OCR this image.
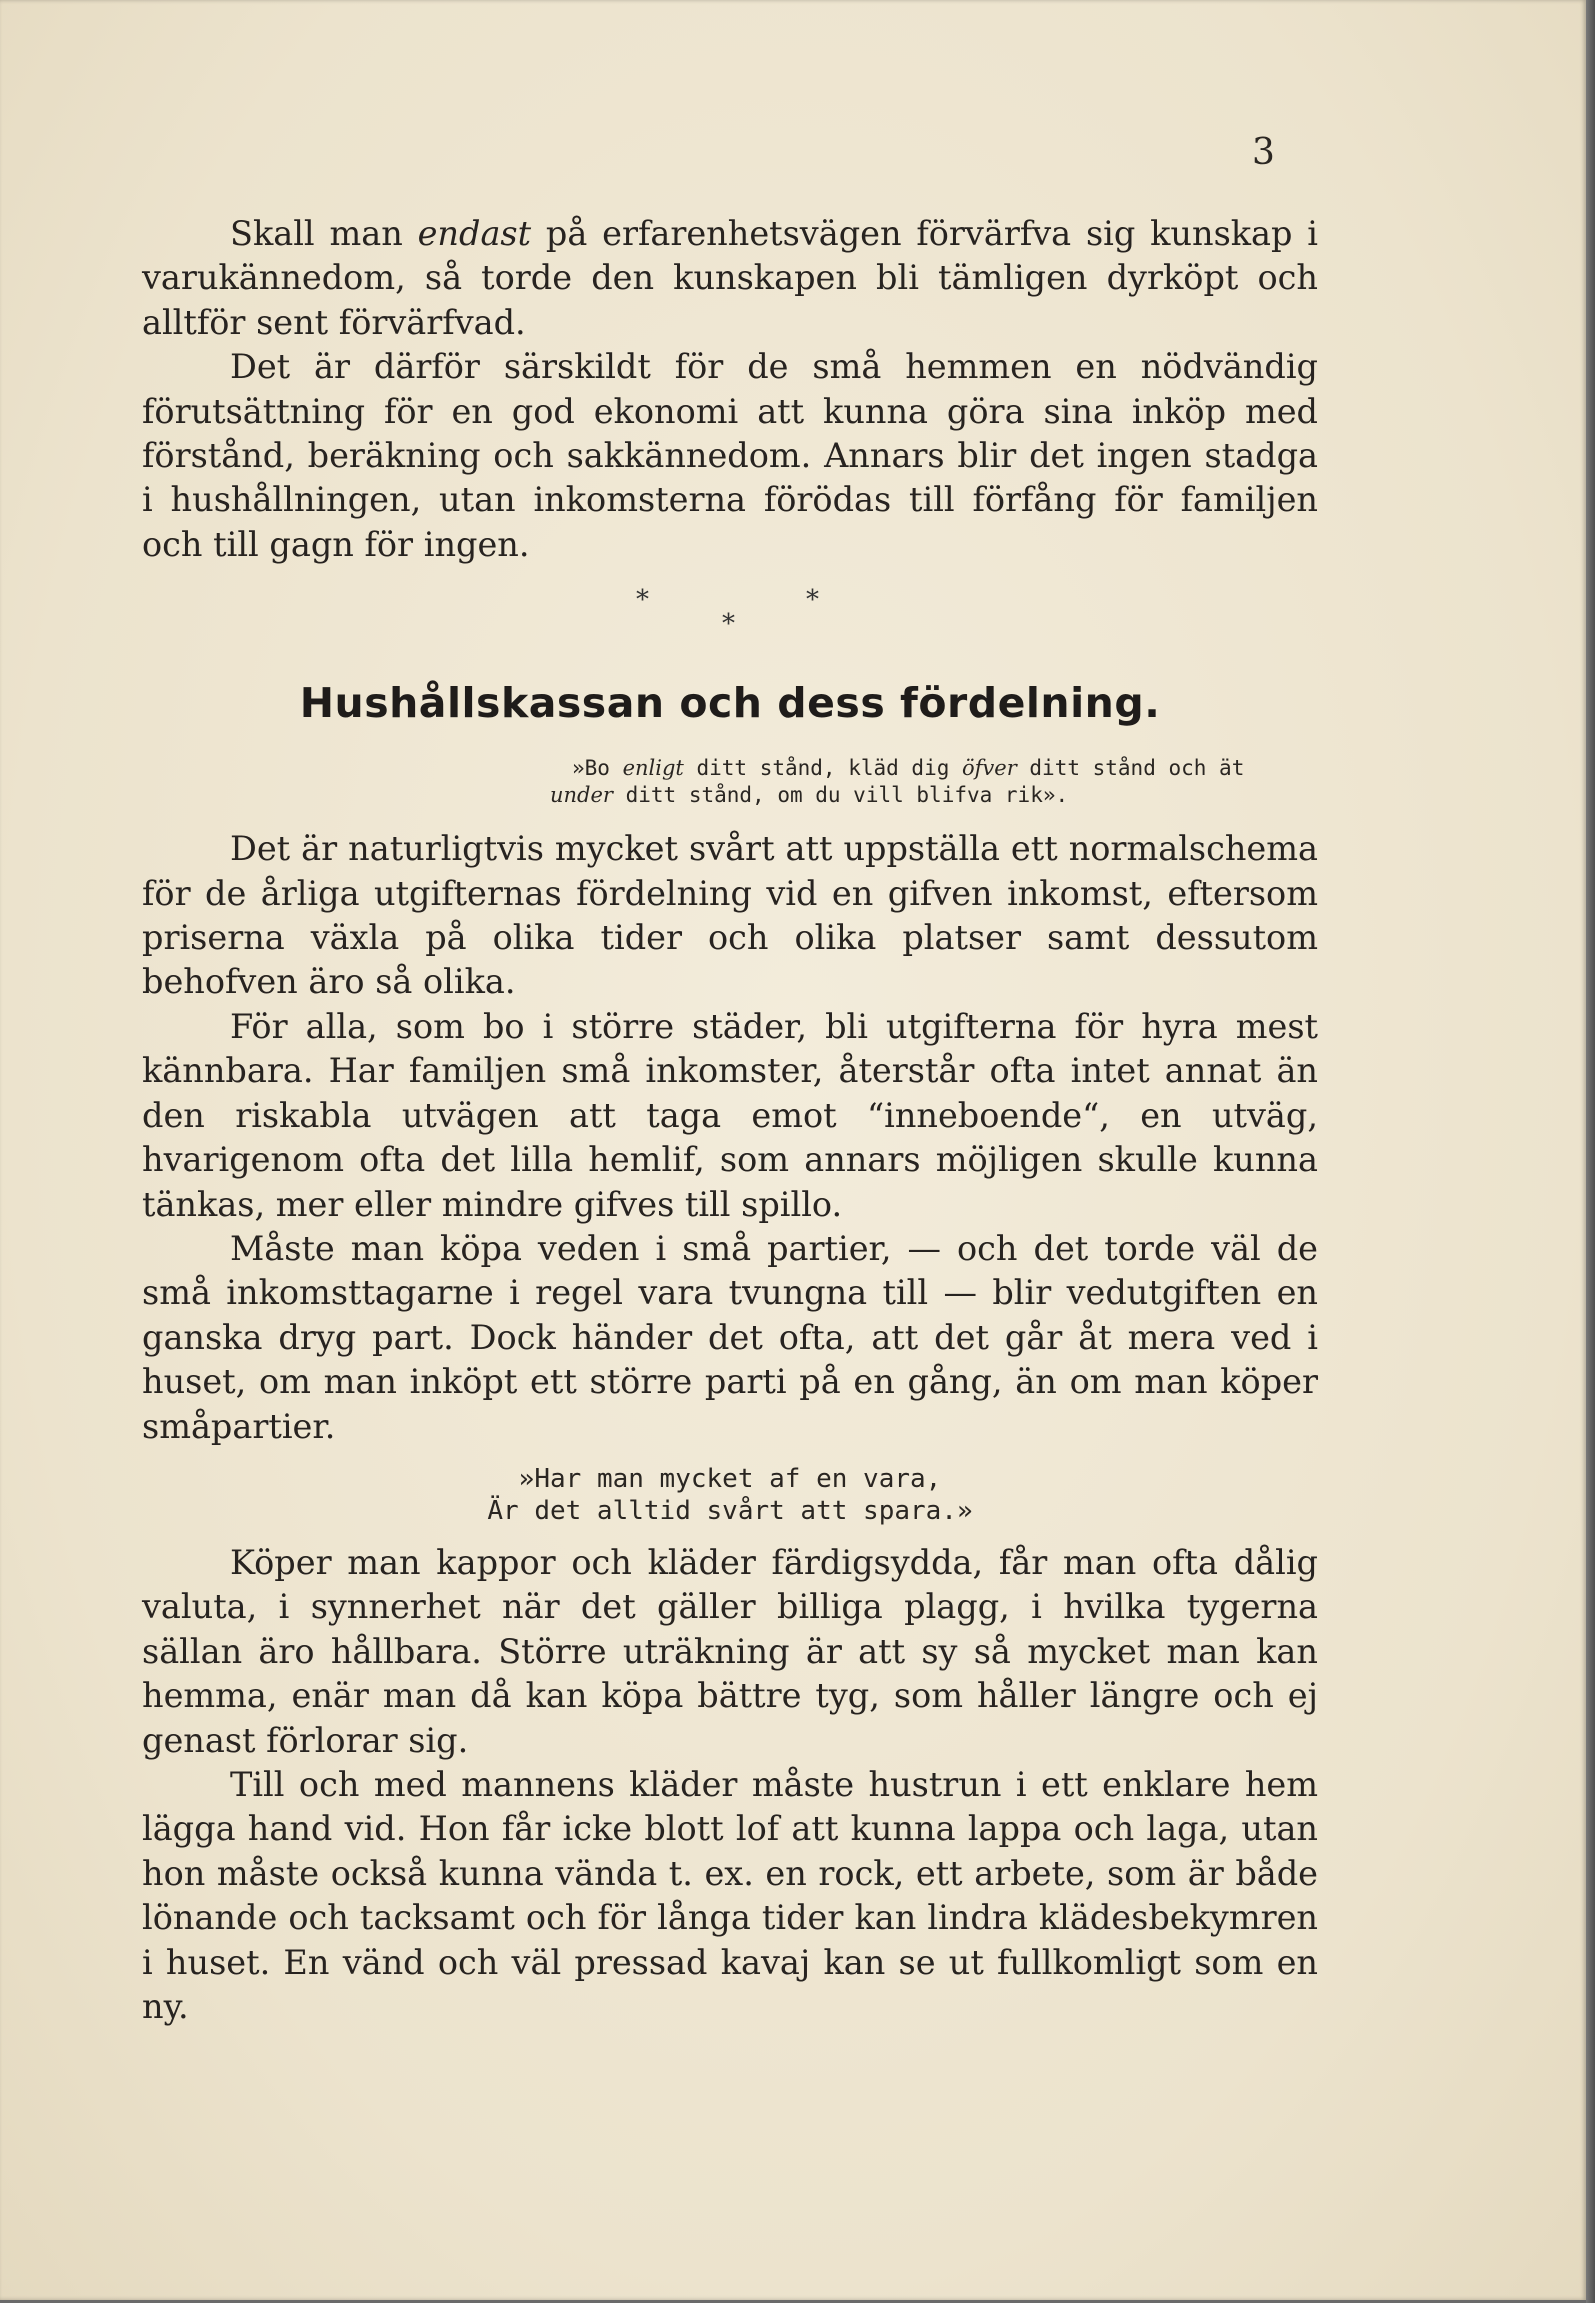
3

Skall man endast på erfarenhetsvägen förvärfva sig kunskap i varukännedom, så torde den kunskapen bli tämligen dyrköpt och alltför sent förvärfvad.

Det är därför särskildt för de små hemmen en nödvändig förutsättning för en god ekonomi att kunna göra sina inköp med förstånd, beräkning och sakkännedom. Annars blir det ingen stadga i hushållningen, utan inkomsterna förödas till förfång för familjen och till gagn för ingen.

*	*
*
Hushållskassan och dess fördelning.
»Bo enligt ditt stånd, kläd dig öfver ditt stånd och ät
under ditt stånd, om du vill blifva rik».

Det är naturligtvis mycket svårt att uppställa ett normalschema för de årliga utgifternas fördelning vid en gifven inkomst, eftersom priserna växla på olika tider och olika platser samt dessutom behofven äro så olika.

För alla, som bo i större städer, bli utgifterna för hyra mest kännbara. Har familjen små inkomster, återstår ofta intet annat än den riskabla utvägen att taga emot “inneboende“, en utväg, hvarigenom ofta det lilla hemlif, som annars möjligen skulle kunna tänkas, mer eller mindre gifves till spillo.

Måste man köpa veden i små partier, — och det torde väl de små inkomsttagarne i regel vara tvungna till — blir vedutgiften en ganska dryg part. Dock händer det ofta, att det går åt mera ved i huset, om man inköpt ett större parti på en gång, än om man köper småpartier.

»Har man mycket af en vara,
Är det alltid svårt att spara.»

Köper man kappor och kläder färdigsydda, får man ofta dålig valuta, i synnerhet när det gäller billiga plagg, i hvilka tygerna sällan äro hållbara. Större uträkning är att sy så mycket man kan hemma, enär man då kan köpa bättre tyg, som håller längre och ej genast förlorar sig.

Till och med mannens kläder måste hustrun i ett enklare hem lägga hand vid. Hon får icke blott lof att kunna lappa och laga, utan hon måste också kunna vända t. ex. en rock, ett arbete, som är både lönande och tacksamt och för långa tider kan lindra klädesbekymren i huset. En vänd och väl pressad kavaj kan se ut fullkomligt som en ny.
